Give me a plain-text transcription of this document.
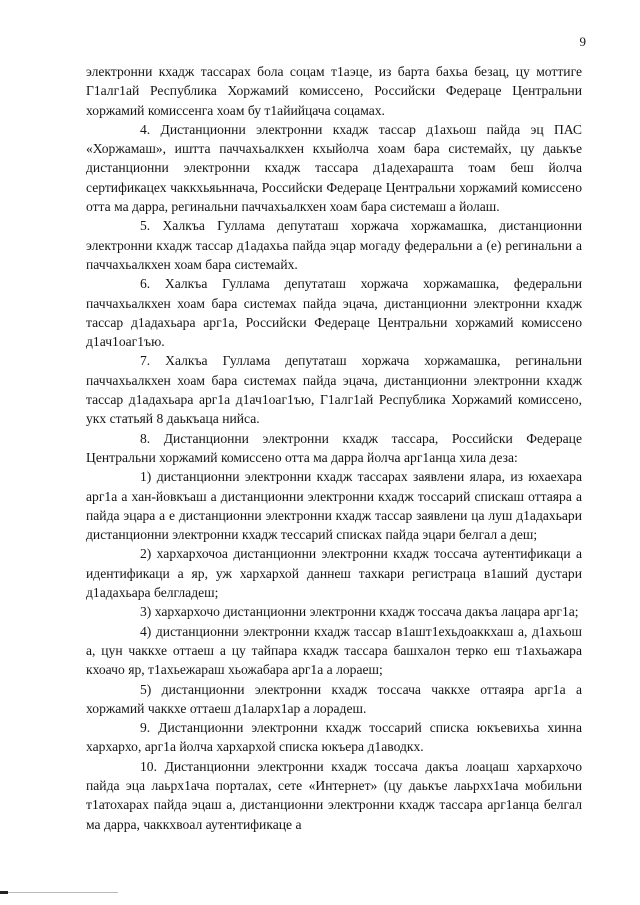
9

электронни кхадж тассарах бола соцам т1аэце, из барта бахьа безац, цу моттиге Г1алг1ай Республика Хоржамий комиссено, Российски Федераце Центральни хоржамий комиссенга хоам бу т1айийцача соцамах.

4. Дистанционни электронни кхадж тассар д1ахьош пайда эц ПАС «Хоржамаш», иштта паччахьалкхен кхыйолча хоам бара системайх, цу даькъе дистанционни электронни кхадж тассара д1адехарашта тоам беш йолча сертификацех чаккхьяьннача, Российски Федераце Центральни хоржамий комиссено отта ма дарра, регинальни паччахьалкхен хоам бара системаш а йолаш.

5. Халкъа Гуллама депутаташ хоржача хоржамашка, дистанционни электронни кхадж тассар д1адахьа пайда эцар могаду федеральни а (е) регинальни а паччахьалкхен хоам бара системайх.

6. Халкъа Гуллама депутаташ хоржача хоржамашка, федеральни паччахьалкхен хоам бара системах пайда эцача, дистанционни электронни кхадж тассар д1адахьара арг1а, Российски Федераце Центральни хоржамий комиссено д1ач1оаг1ъю.

7. Халкъа Гуллама депутаташ хоржача хоржамашка, регинальни паччахьалкхен хоам бара системах пайда эцача, дистанционни электронни кхадж тассар д1адахьара арг1а д1ач1оаг1ъю, Г1алг1ай Республика Хоржамий комиссено, укх статьяй 8 даькъаца нийса.

8. Дистанционни электронни кхадж тассара, Российски Федераце Центральни хоржамий комиссено отта ма дарра йолча арг1анца хила деза:

1) дистанционни электронни кхадж тассарах заявлени ялара, из юхаехара арг1а а хан-йовкъаш а дистанционни электронни кхадж тоссарий спискаш оттаяра а пайда эцара а е дистанционни электронни кхадж тассар заявлени ца луш д1адахьари дистанционни электронни кхадж тессарий списках пайда эцари белгал а деш;

2) хархархочоа дистанционни электронни кхадж тоссача аутентификаци а идентификаци а яр, уж хархархой даннеш тахкари регистраца в1аший дустари д1адахьара белгладеш;

3) хархархочо дистанционни электронни кхадж тоссача дакъа лацара арг1а;

4) дистанционни электронни кхадж тассар в1ашт1ехьдоаккхаш а, д1ахьош а, цун чаккхе оттаеш а цу тайпара кхадж тассара башхалон терко еш т1ахьажара кхоачо яр, т1ахьежараш хьожабара арг1а а лораеш;

5) дистанционни электронни кхадж тоссача чаккхе оттаяра арг1а а хоржамий чаккхе оттаеш д1аларх1ар а лорадеш.

9. Дистанционни электронни кхадж тоссарий списка юкъевихьа хинна хархархо, арг1а йолча хархархой списка юкъера д1аводкх.

10. Дистанционни электронни кхадж тоссача дакъа лоацаш хархархочо пайда эца лаьрх1ача порталах, сете «Интернет» (цу даькъе лаьрхх1ача мобильни т1атохарах пайда эцаш а, дистанционни электронни кхадж тассара арг1анца белгал ма дарра, чаккхвоал аутентификаце а
